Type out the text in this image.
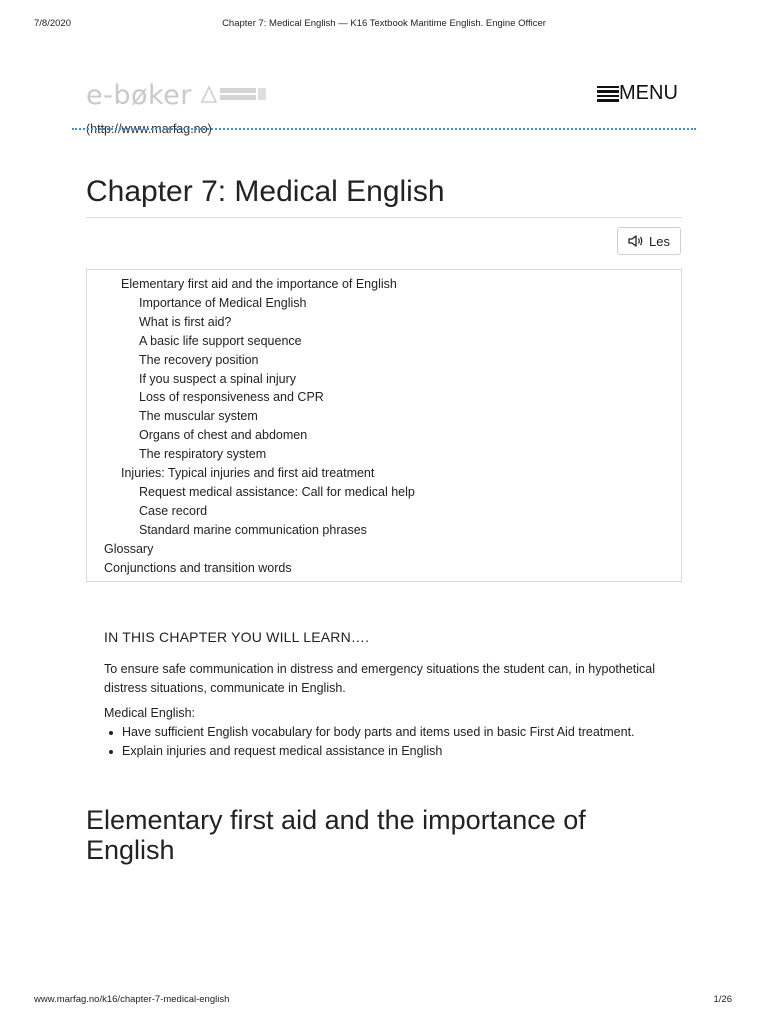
7/8/2020	Chapter 7: Medical English — K16 Textbook Maritime English. Engine Officer
e-bøker	MENU
(http://www.marfag.no)
Chapter 7: Medical English
Les
Elementary first aid and the importance of English
Importance of Medical English
What is first aid?
A basic life support sequence
The recovery position
If you suspect a spinal injury
Loss of responsiveness and CPR
The muscular system
Organs of chest and abdomen
The respiratory system
Injuries: Typical injuries and first aid treatment
Request medical assistance: Call for medical help
Case record
Standard marine communication phrases
Glossary
Conjunctions and transition words
IN THIS CHAPTER YOU WILL LEARN….
To ensure safe communication in distress and emergency situations the student can, in hypothetical distress situations, communicate in English.
Medical English:
Have sufficient English vocabulary for body parts and items used in basic First Aid treatment.
Explain injuries and request medical assistance in English
Elementary first aid and the importance of English
www.marfag.no/k16/chapter-7-medical-english	1/26
